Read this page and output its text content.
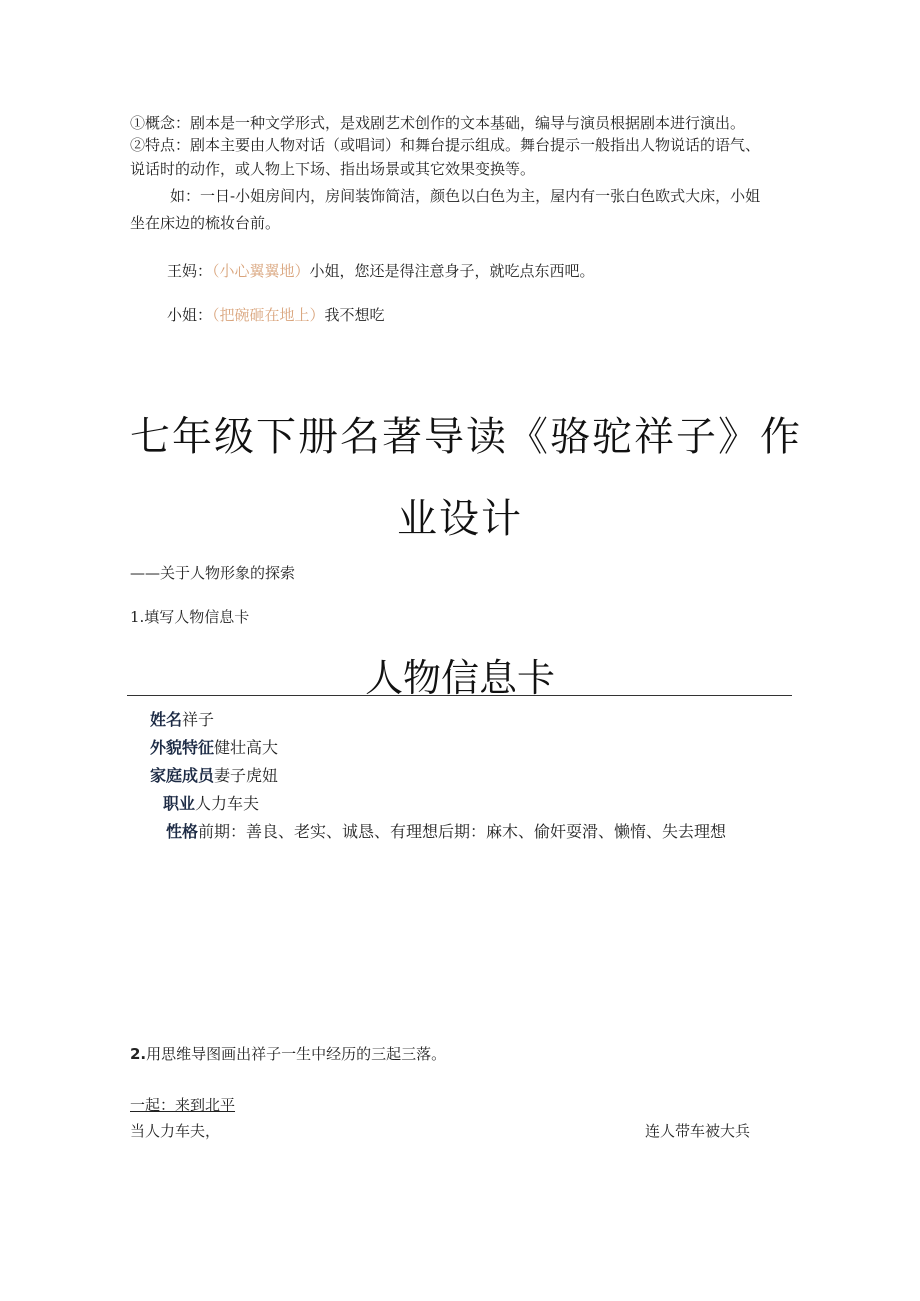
①概念：剧本是一种文学形式，是戏剧艺术创作的文本基础，编导与演员根据剧本进行演出。
②特点：剧本主要由人物对话（或唱词）和舞台提示组成。舞台提示一般指出人物说话的语气、
说话时的动作，或人物上下场、指出场景或其它效果变换等。
如：一日-小姐房间内，房间装饰简洁，颜色以白色为主，屋内有一张白色欧式大床，小姐
坐在床边的梳妆台前。
王妈：（小心翼翼地）小姐，您还是得注意身子，就吃点东西吧。
小姐：（把碗砸在地上）我不想吃
七年级下册名著导读《骆驼祥子》作
业设计
——关于人物形象的探索
1.填写人物信息卡
人物信息卡
姓名祥子
外貌特征健壮高大
家庭成员妻子虎妞
职业人力车夫
性格前期：善良、老实、诚恳、有理想后期：麻木、偷奸耍滑、懒惰、失去理想
2.用思维导图画出祥子一生中经历的三起三落。
一起：来到北平
当人力车夫，	连人带车被大兵
